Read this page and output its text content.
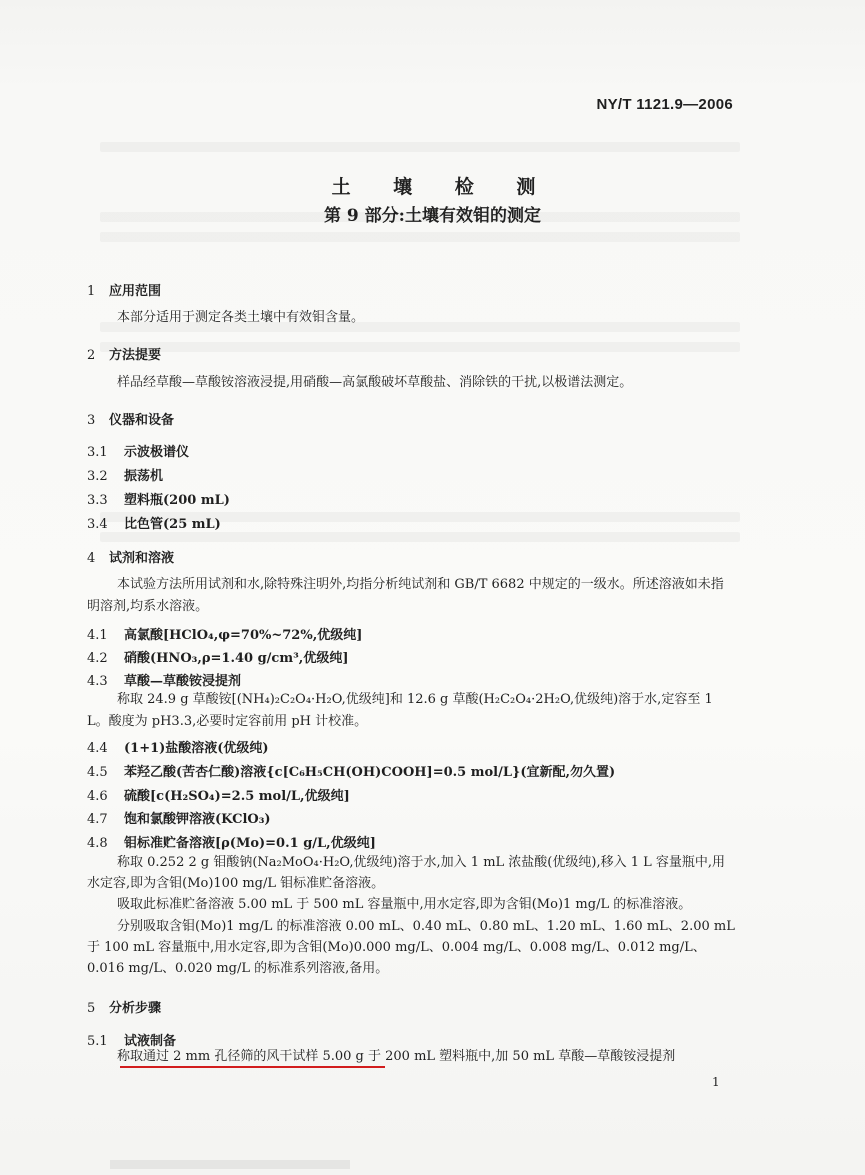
NY/T 1121.9—2006
土 壤 检 测
第 9 部分:土壤有效钼的测定
1 应用范围
本部分适用于测定各类土壤中有效钼含量。
2 方法提要
样品经草酸—草酸铵溶液浸提,用硝酸—高氯酸破坏草酸盐、消除铁的干扰,以极谱法测定。
3 仪器和设备
3.1 示波极谱仪
3.2 振荡机
3.3 塑料瓶(200 mL)
3.4 比色管(25 mL)
4 试剂和溶液
本试验方法所用试剂和水,除特殊注明外,均指分析纯试剂和 GB/T 6682 中规定的一级水。所述溶液如未指明溶剂,均系水溶液。
4.1 高氯酸[HClO₄,φ=70%~72%,优级纯]
4.2 硝酸(HNO₃,ρ=1.40 g/cm³,优级纯]
4.3 草酸—草酸铵浸提剂
称取 24.9 g 草酸铵[(NH₄)₂C₂O₄·H₂O,优级纯]和 12.6 g 草酸(H₂C₂O₄·2H₂O,优级纯)溶于水,定容至 1 L。酸度为 pH3.3,必要时定容前用 pH 计校准。
4.4 (1+1)盐酸溶液(优级纯)
4.5 苯羟乙酸(苦杏仁酸)溶液{c[C₆H₅CH(OH)COOH]=0.5 mol/L}(宜新配,勿久置)
4.6 硫酸[c(H₂SO₄)=2.5 mol/L,优级纯]
4.7 饱和氯酸钾溶液(KClO₃)
4.8 钼标准贮备溶液[ρ(Mo)=0.1 g/L,优级纯]
称取 0.252 2 g 钼酸钠(Na₂MoO₄·H₂O,优级纯)溶于水,加入 1 mL 浓盐酸(优级纯),移入 1 L 容量瓶中,用水定容,即为含钼(Mo)100 mg/L 钼标准贮备溶液。
吸取此标准贮备溶液 5.00 mL 于 500 mL 容量瓶中,用水定容,即为含钼(Mo)1 mg/L 的标准溶液。
分别吸取含钼(Mo)1 mg/L 的标准溶液 0.00 mL、0.40 mL、0.80 mL、1.20 mL、1.60 mL、2.00 mL 于 100 mL 容量瓶中,用水定容,即为含钼(Mo)0.000 mg/L、0.004 mg/L、0.008 mg/L、0.012 mg/L、0.016 mg/L、0.020 mg/L 的标准系列溶液,备用。
5 分析步骤
5.1 试液制备
称取通过 2 mm 孔径筛的风干试样 5.00 g 于 200 mL 塑料瓶中,加 50 mL 草酸—草酸铵浸提剂
1
